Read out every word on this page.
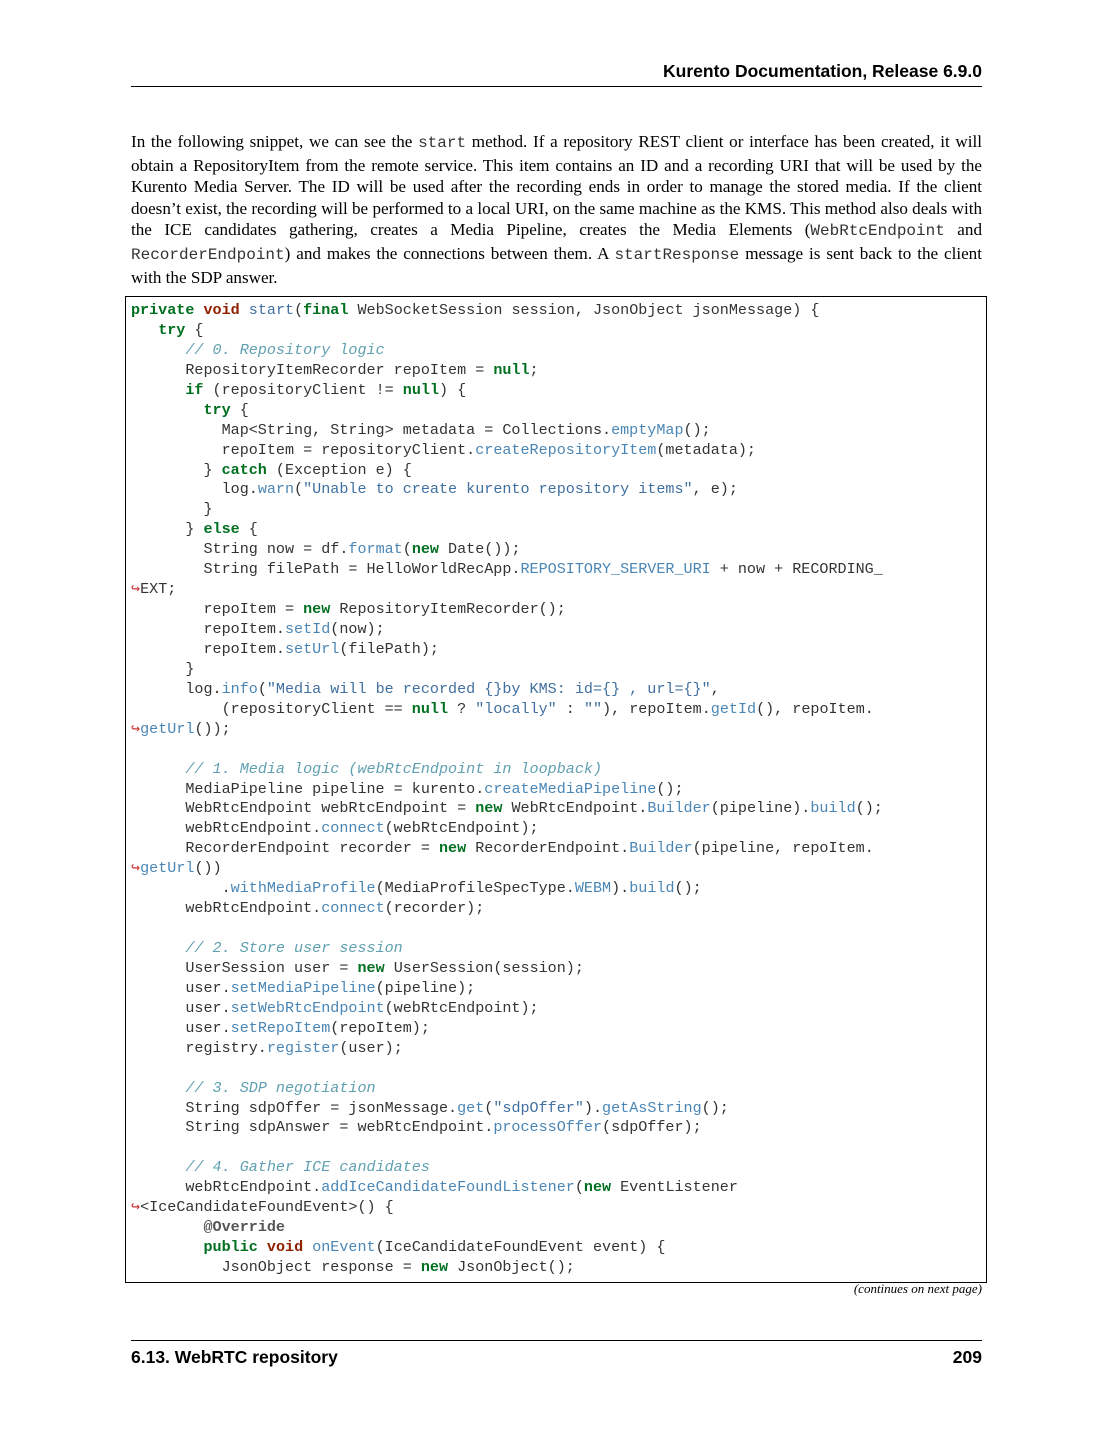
Kurento Documentation, Release 6.9.0

In the following snippet, we can see the start method. If a repository REST client or interface has been created, it will obtain a RepositoryItem from the remote service. This item contains an ID and a recording URI that will be used by the Kurento Media Server. The ID will be used after the recording ends in order to manage the stored media. If the client doesn’t exist, the recording will be performed to a local URI, on the same machine as the KMS. This method also deals with the ICE candidates gathering, creates a Media Pipeline, creates the Media Elements (WebRtcEndpoint and RecorderEndpoint) and makes the connections between them. A startResponse message is sent back to the client with the SDP answer.

private void start(final WebSocketSession session, JsonObject jsonMessage) {
try {
// 0. Repository logic
RepositoryItemRecorder repoItem = null;
if (repositoryClient != null) {
try {
Map<String, String> metadata = Collections.emptyMap();
repoItem = repositoryClient.createRepositoryItem(metadata);
} catch (Exception e) {
log.warn("Unable to create kurento repository items", e);
}
} else {
String now = df.format(new Date());
String filePath = HelloWorldRecApp.REPOSITORY_SERVER_URI + now + RECORDING_
↪EXT;
repoItem = new RepositoryItemRecorder();
repoItem.setId(now);
repoItem.setUrl(filePath);
}
log.info("Media will be recorded {}by KMS: id={} , url={}",
(repositoryClient == null ? "locally" : ""), repoItem.getId(), repoItem.
↪getUrl());

// 1. Media logic (webRtcEndpoint in loopback)
MediaPipeline pipeline = kurento.createMediaPipeline();
WebRtcEndpoint webRtcEndpoint = new WebRtcEndpoint.Builder(pipeline).build();
webRtcEndpoint.connect(webRtcEndpoint);
RecorderEndpoint recorder = new RecorderEndpoint.Builder(pipeline, repoItem.
↪getUrl())
.withMediaProfile(MediaProfileSpecType.WEBM).build();
webRtcEndpoint.connect(recorder);

// 2. Store user session
UserSession user = new UserSession(session);
user.setMediaPipeline(pipeline);
user.setWebRtcEndpoint(webRtcEndpoint);
user.setRepoItem(repoItem);
registry.register(user);

// 3. SDP negotiation
String sdpOffer = jsonMessage.get("sdpOffer").getAsString();
String sdpAnswer = webRtcEndpoint.processOffer(sdpOffer);

// 4. Gather ICE candidates
webRtcEndpoint.addIceCandidateFoundListener(new EventListener
↪<IceCandidateFoundEvent>() {
@Override
public void onEvent(IceCandidateFoundEvent event) {
JsonObject response = new JsonObject();
(continues on next page)
6.13. WebRTC repository	209
